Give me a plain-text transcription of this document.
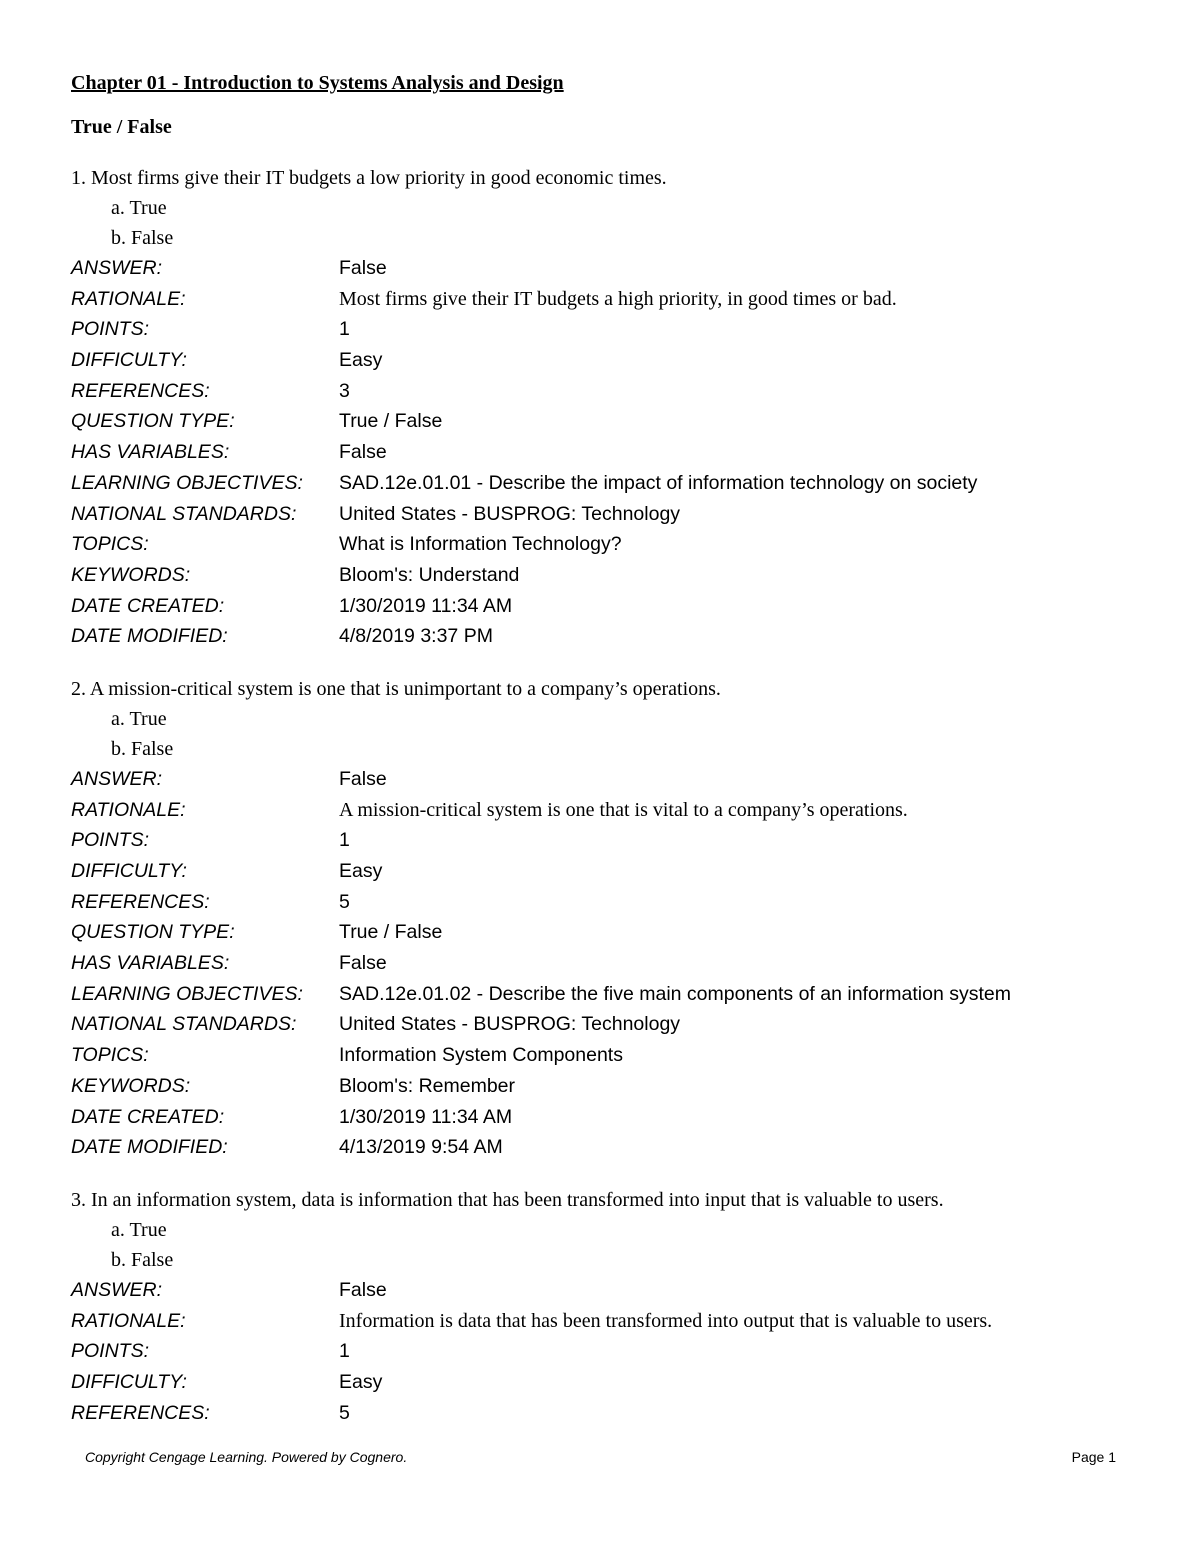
Chapter 01 - Introduction to Systems Analysis and Design
True / False
1. Most firms give their IT budgets a low priority in good economic times.
a. True
b. False
ANSWER:	False
RATIONALE:	Most firms give their IT budgets a high priority, in good times or bad.
POINTS:	1
DIFFICULTY:	Easy
REFERENCES:	3
QUESTION TYPE:	True / False
HAS VARIABLES:	False
LEARNING OBJECTIVES:	SAD.12e.01.01 - Describe the impact of information technology on society
NATIONAL STANDARDS:	United States - BUSPROG: Technology
TOPICS:	What is Information Technology?
KEYWORDS:	Bloom's: Understand
DATE CREATED:	1/30/2019 11:34 AM
DATE MODIFIED:	4/8/2019 3:37 PM
2. A mission-critical system is one that is unimportant to a company’s operations.
a. True
b. False
ANSWER:	False
RATIONALE:	A mission-critical system is one that is vital to a company’s operations.
POINTS:	1
DIFFICULTY:	Easy
REFERENCES:	5
QUESTION TYPE:	True / False
HAS VARIABLES:	False
LEARNING OBJECTIVES:	SAD.12e.01.02 - Describe the five main components of an information system
NATIONAL STANDARDS:	United States - BUSPROG: Technology
TOPICS:	Information System Components
KEYWORDS:	Bloom's: Remember
DATE CREATED:	1/30/2019 11:34 AM
DATE MODIFIED:	4/13/2019 9:54 AM
3. In an information system, data is information that has been transformed into input that is valuable to users.
a. True
b. False
ANSWER:	False
RATIONALE:	Information is data that has been transformed into output that is valuable to users.
POINTS:	1
DIFFICULTY:	Easy
REFERENCES:	5
Copyright Cengage Learning. Powered by Cognero.	Page 1
